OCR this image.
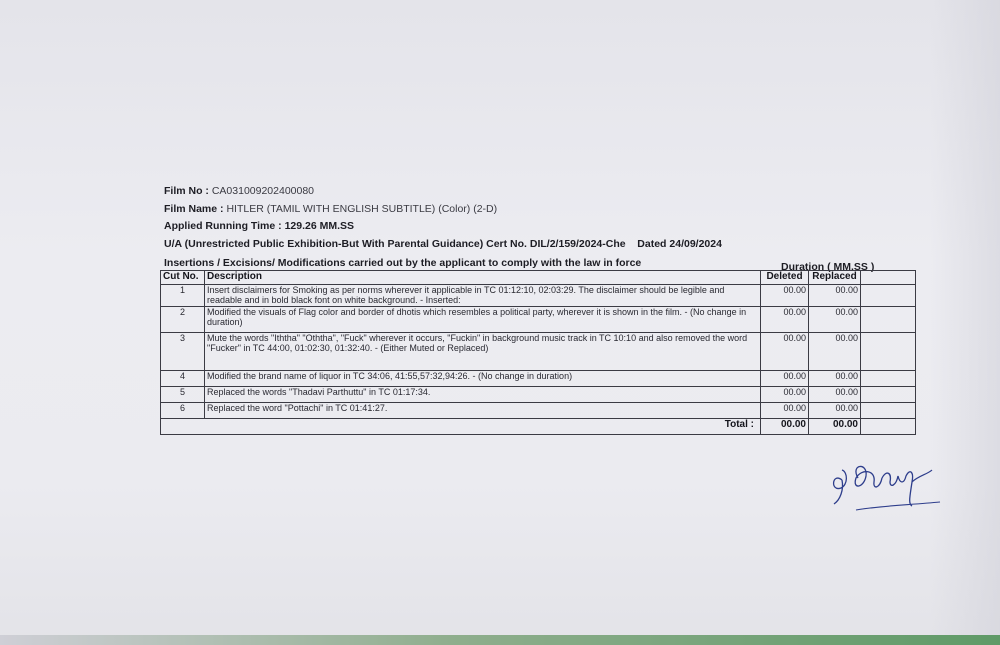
Film No : CA031009202400080
Film Name : HITLER (TAMIL WITH ENGLISH SUBTITLE) (Color) (2-D)
Applied Running Time : 129.26 MM.SS
U/A (Unrestricted Public Exhibition-But With Parental Guidance) Cert No. DIL/2/159/2024-Che Dated 24/09/2024
Insertions / Excisions/ Modifications carried out by the applicant to comply with the law in force	Duration ( MM.SS )
Cut No.	Description	Deleted	Replaced	
1	Insert disclaimers for Smoking as per norms wherever it applicable in TC 01:12:10, 02:03:29. The disclaimer should be legible and readable and in bold black font on white background. - Inserted:	00.00	00.00	
2	Modified the visuals of Flag color and border of dhotis which resembles a political party, wherever it is shown in the film. - (No change in duration)	00.00	00.00	
3	Mute the words "Iththa" "Oththa", "Fuck" wherever it occurs, "Fuckin" in background music track in TC 10:10 and also removed the word "Fucker" in TC 44:00, 01:02:30, 01:32:40. - (Either Muted or Replaced)	00.00	00.00	
4	Modified the brand name of liquor in TC 34:06, 41:55,57:32,94:26. - (No change in duration)	00.00	00.00	
5	Replaced the words "Thadavi Parthuttu" in TC 01:17:34.	00.00	00.00	
6	Replaced the word "Pottachi" in TC 01:41:27.	00.00	00.00	
Total :		00.00	00.00	
